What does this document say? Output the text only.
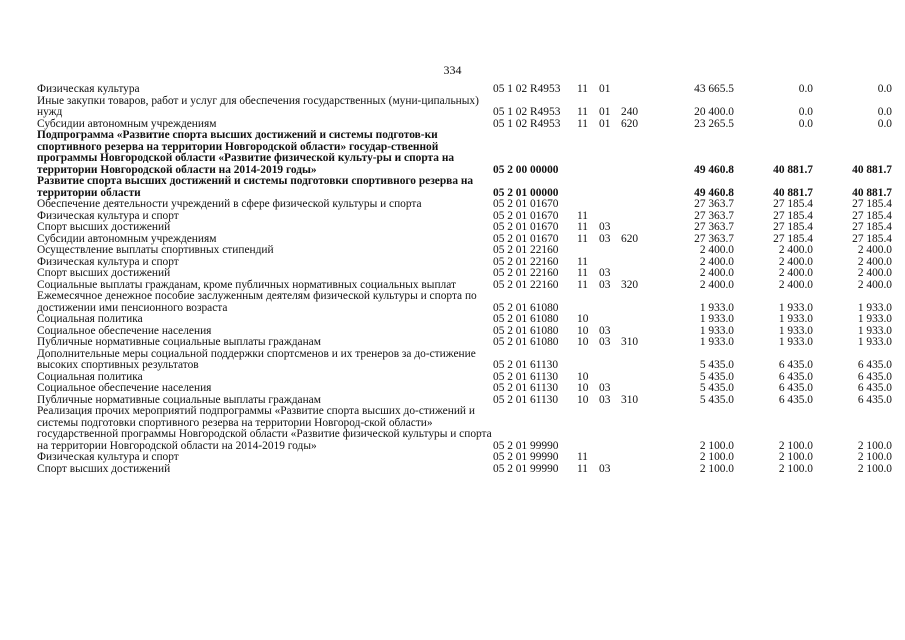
334
Физическая культура	05 1 02 R4953	11	01		43 665.5	0.0	0.0
Иные закупки товаров, работ и услуг для обеспечения государственных (муни-ципальных) нужд	05 1 02 R4953	11	01	240	20 400.0	0.0	0.0
Субсидии автономным учреждениям	05 1 02 R4953	11	01	620	23 265.5	0.0	0.0
Подпрограмма «Развитие спорта высших достижений и системы подготов-ки спортивного резерва на территории Новгородской области» государ-ственной программы Новгородской области «Развитие физической культу-ры и спорта на территории Новгородской области на 2014-2019 годы»	05 2 00 00000				49 460.8	40 881.7	40 881.7
Развитие спорта высших достижений и системы подготовки спортивного резерва на территории области	05 2 01 00000				49 460.8	40 881.7	40 881.7
Обеспечение деятельности учреждений в сфере физической культуры и спорта	05 2 01 01670				27 363.7	27 185.4	27 185.4
Физическая культура и спорт	05 2 01 01670	11			27 363.7	27 185.4	27 185.4
Спорт высших достижений	05 2 01 01670	11	03		27 363.7	27 185.4	27 185.4
Субсидии автономным учреждениям	05 2 01 01670	11	03	620	27 363.7	27 185.4	27 185.4
Осуществление выплаты спортивных стипендий	05 2 01 22160				2 400.0	2 400.0	2 400.0
Физическая культура и спорт	05 2 01 22160	11			2 400.0	2 400.0	2 400.0
Спорт высших достижений	05 2 01 22160	11	03		2 400.0	2 400.0	2 400.0
Социальные выплаты гражданам, кроме публичных нормативных социальных выплат	05 2 01 22160	11	03	320	2 400.0	2 400.0	2 400.0
Ежемесячное денежное пособие заслуженным деятелям физической культуры и спорта по достижении ими пенсионного возраста	05 2 01 61080				1 933.0	1 933.0	1 933.0
Социальная политика	05 2 01 61080	10			1 933.0	1 933.0	1 933.0
Социальное обеспечение населения	05 2 01 61080	10	03		1 933.0	1 933.0	1 933.0
Публичные нормативные социальные выплаты гражданам	05 2 01 61080	10	03	310	1 933.0	1 933.0	1 933.0
Дополнительные меры социальной поддержки спортсменов и их тренеров за до-стижение высоких спортивных результатов	05 2 01 61130				5 435.0	6 435.0	6 435.0
Социальная политика	05 2 01 61130	10			5 435.0	6 435.0	6 435.0
Социальное обеспечение населения	05 2 01 61130	10	03		5 435.0	6 435.0	6 435.0
Публичные нормативные социальные выплаты гражданам	05 2 01 61130	10	03	310	5 435.0	6 435.0	6 435.0
Реализация прочих мероприятий подпрограммы «Развитие спорта высших до-стижений и системы подготовки спортивного резерва на территории Новгород-ской области» государственной программы Новгородской области «Развитие физической культуры и спорта на территории Новгородской области на 2014-2019 годы»	05 2 01 99990				2 100.0	2 100.0	2 100.0
Физическая культура и спорт	05 2 01 99990	11			2 100.0	2 100.0	2 100.0
Спорт высших достижений	05 2 01 99990	11	03		2 100.0	2 100.0	2 100.0
